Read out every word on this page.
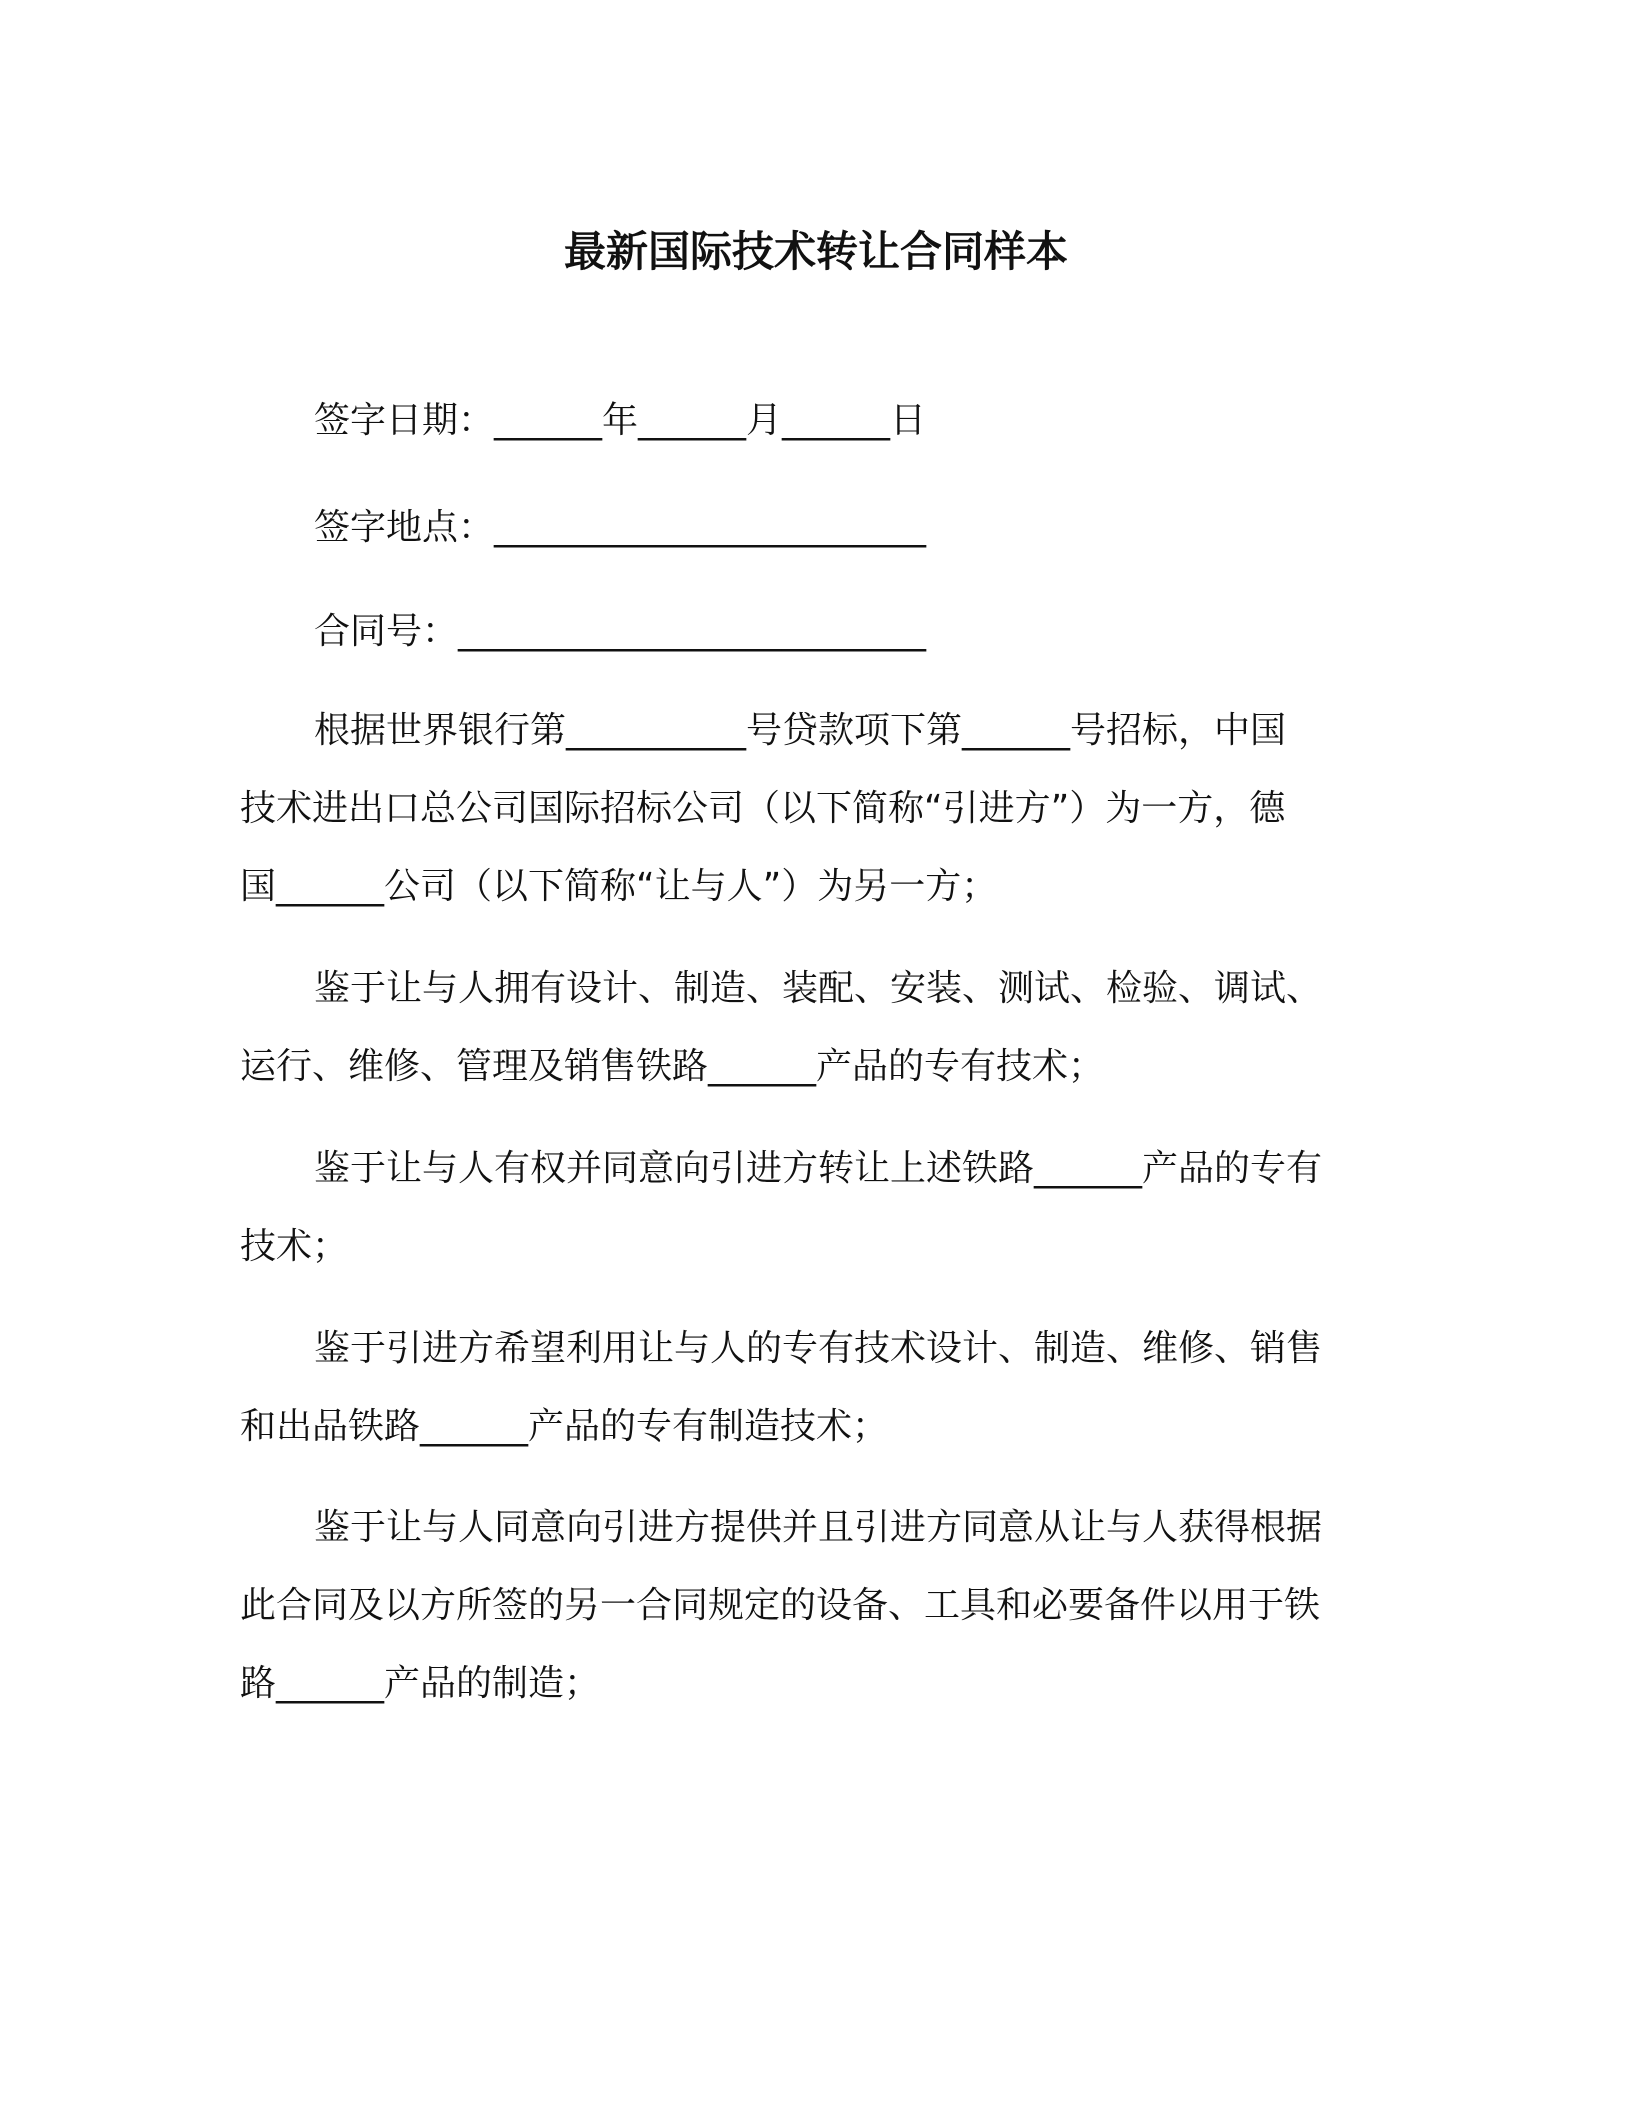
最新国际技术转让合同样本
签字日期：______年______月______日
签字地点：________________________
合同号：__________________________
根据世界银行第__________号贷款项下第______号招标，中国
技术进出口总公司国际招标公司（以下简称“引进方”）为一方，德
国______公司（以下简称“让与人”）为另一方；
鉴于让与人拥有设计、制造、装配、安装、测试、检验、调试、
运行、维修、管理及销售铁路______产品的专有技术；
鉴于让与人有权并同意向引进方转让上述铁路______产品的专有
技术；
鉴于引进方希望利用让与人的专有技术设计、制造、维修、销售
和出品铁路______产品的专有制造技术；
鉴于让与人同意向引进方提供并且引进方同意从让与人获得根据
此合同及以方所签的另一合同规定的设备、工具和必要备件以用于铁
路______产品的制造；
